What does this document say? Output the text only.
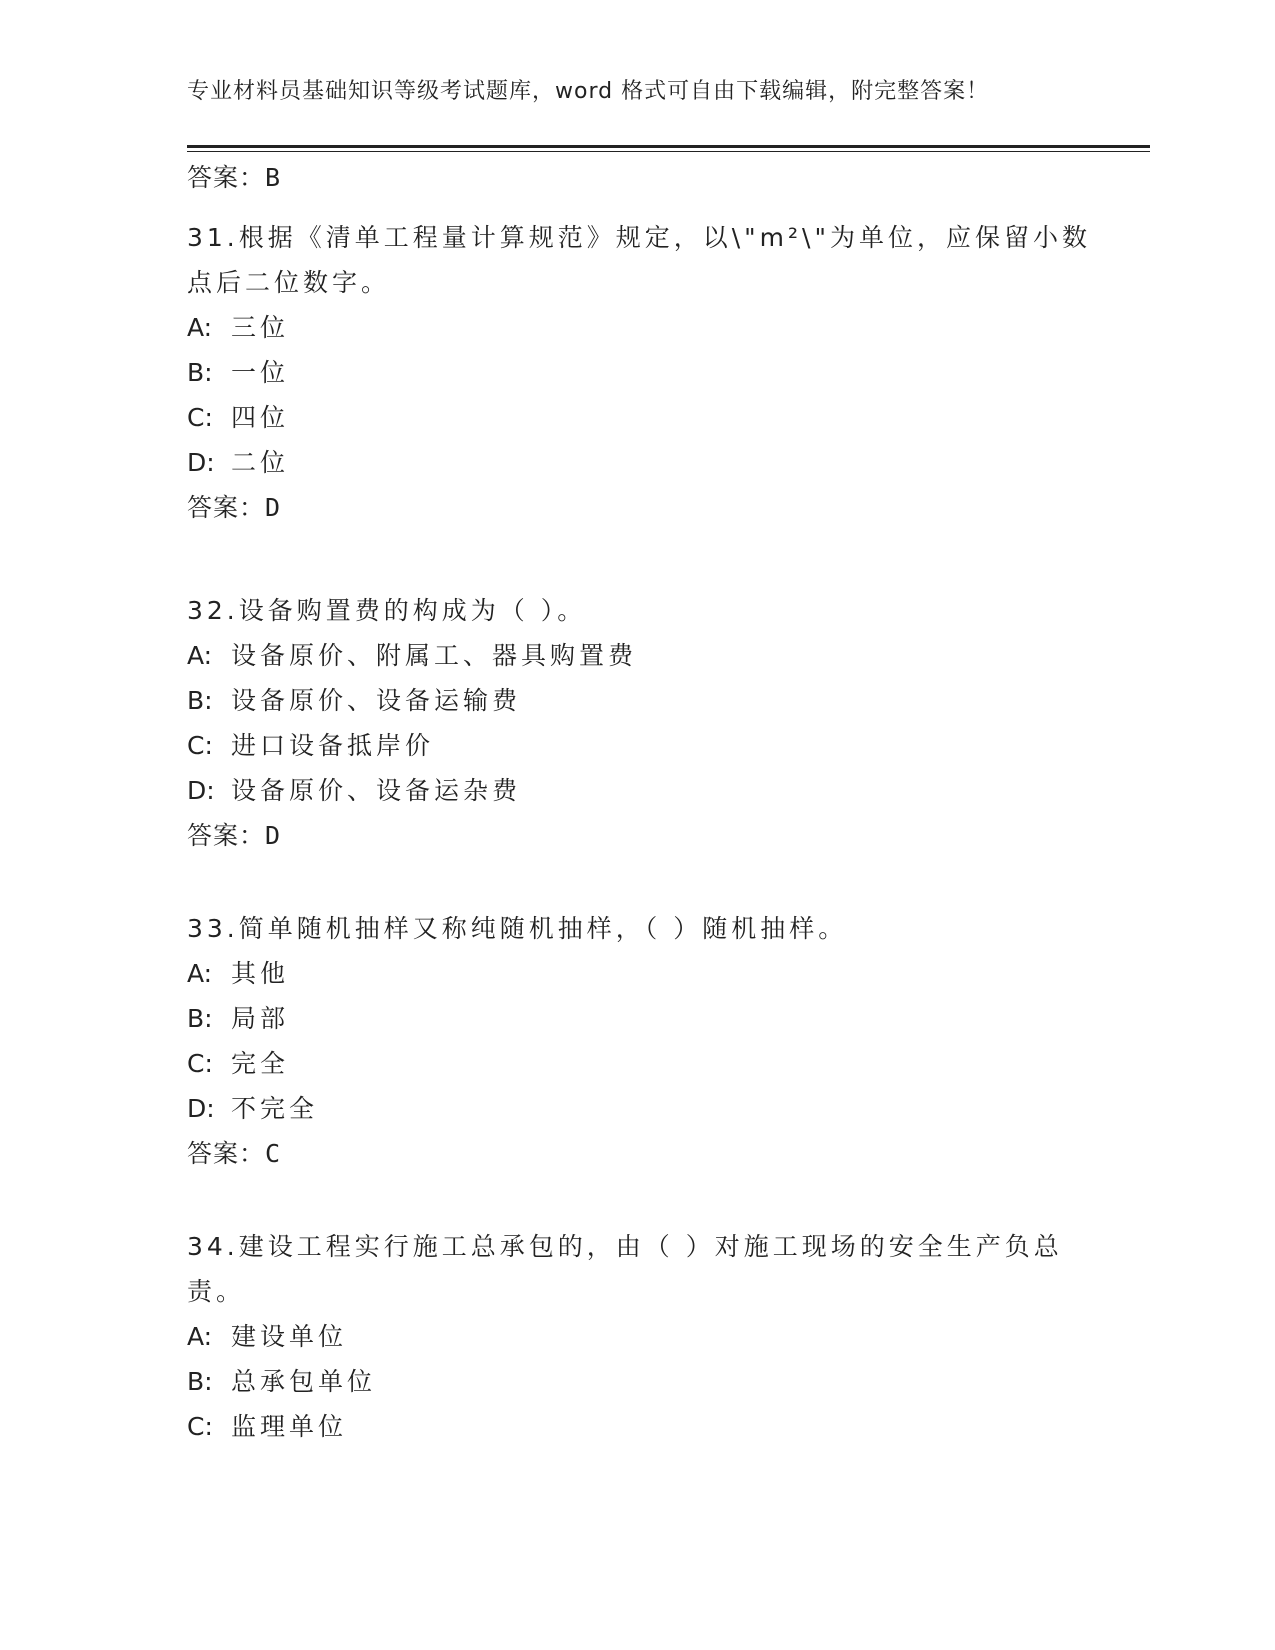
专业材料员基础知识等级考试题库，word 格式可自由下载编辑，附完整答案！
答案：B
31.根据《清单工程量计算规范》规定，以\"m²\"为单位，应保留小数
点后二位数字。
A: 三位
B: 一位
C: 四位
D: 二位
答案：D
32.设备购置费的构成为（ ）。
A: 设备原价、附属工、器具购置费
B: 设备原价、设备运输费
C: 进口设备抵岸价
D: 设备原价、设备运杂费
答案：D
33.简单随机抽样又称纯随机抽样，（ ）随机抽样。
A: 其他
B: 局部
C: 完全
D: 不完全
答案：C
34.建设工程实行施工总承包的，由（ ）对施工现场的安全生产负总
责。
A: 建设单位
B: 总承包单位
C: 监理单位
